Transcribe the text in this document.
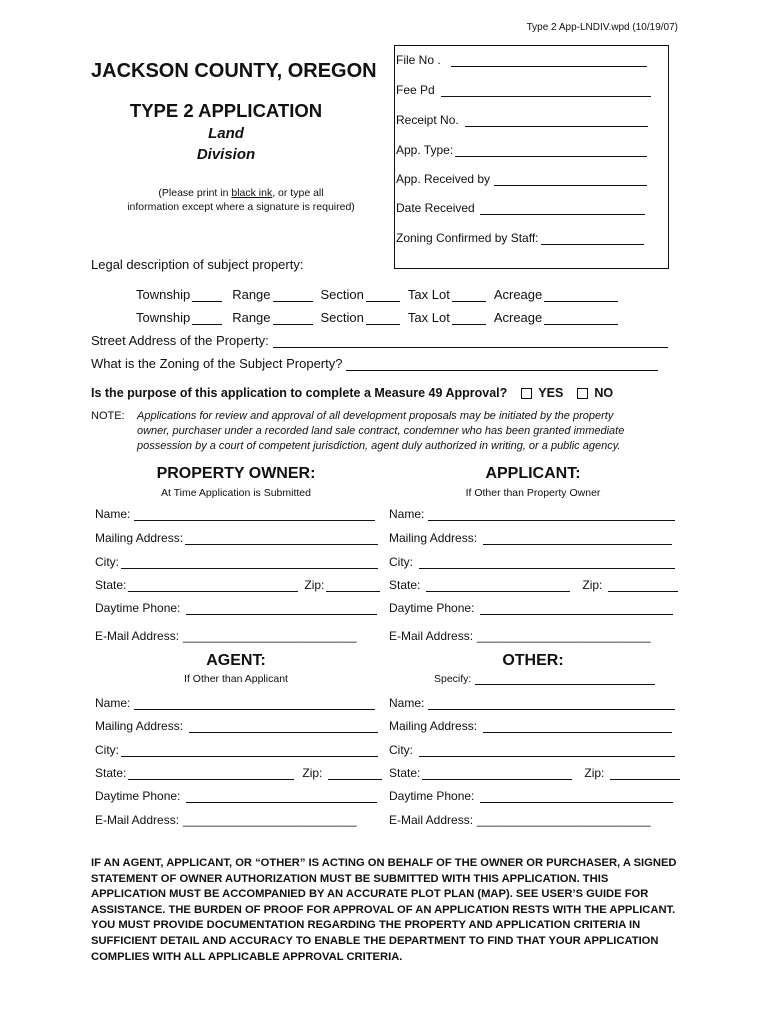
Type 2 App-LNDIV.wpd (10/19/07)
JACKSON COUNTY, OREGON
TYPE 2 APPLICATION
Land
Division
(Please print in black ink, or type all
information except where a signature is required)
File No .
Fee Pd
Receipt No.
App. Type:
App. Received by
Date Received
Zoning Confirmed by Staff:
Legal description of subject property:
Township	Range	Section	Tax Lot	Acreage
Township	Range	Section	Tax Lot	Acreage
Street Address of the Property:
What is the Zoning of the Subject Property?
Is the purpose of this application to complete a Measure 49 Approval? YES NO
NOTE: Applications for review and approval of all development proposals may be initiated by the property
owner, purchaser under a recorded land sale contract, condemner who has been granted immediate
possession by a court of competent jurisdiction, agent duly authorized in writing, or a public agency.
PROPERTY OWNER:
At Time Application is Submitted
APPLICANT:
If Other than Property Owner
Name:
Mailing Address:
City:
State:	Zip:
Daytime Phone:
E-Mail Address: __________________________
Name:
Mailing Address:
City:
State:	Zip:
Daytime Phone:
E-Mail Address: __________________________
AGENT:
If Other than Applicant
OTHER:
Specify:
Name:
Mailing Address:
City:
State:	Zip:
Daytime Phone:
E-Mail Address: __________________________
Name:
Mailing Address:
City:
State:	Zip:
Daytime Phone:
E-Mail Address: __________________________
IF AN AGENT, APPLICANT, OR “OTHER” IS ACTING ON BEHALF OF THE OWNER OR PURCHASER, A SIGNED STATEMENT OF OWNER AUTHORIZATION MUST BE SUBMITTED WITH THIS APPLICATION. THIS APPLICATION MUST BE ACCOMPANIED BY AN ACCURATE PLOT PLAN (MAP). SEE USER’S GUIDE FOR ASSISTANCE. THE BURDEN OF PROOF FOR APPROVAL OF AN APPLICATION RESTS WITH THE APPLICANT. YOU MUST PROVIDE DOCUMENTATION REGARDING THE PROPERTY AND APPLICATION CRITERIA IN SUFFICIENT DETAIL AND ACCURACY TO ENABLE THE DEPARTMENT TO FIND THAT YOUR APPLICATION COMPLIES WITH ALL APPLICABLE APPROVAL CRITERIA.
